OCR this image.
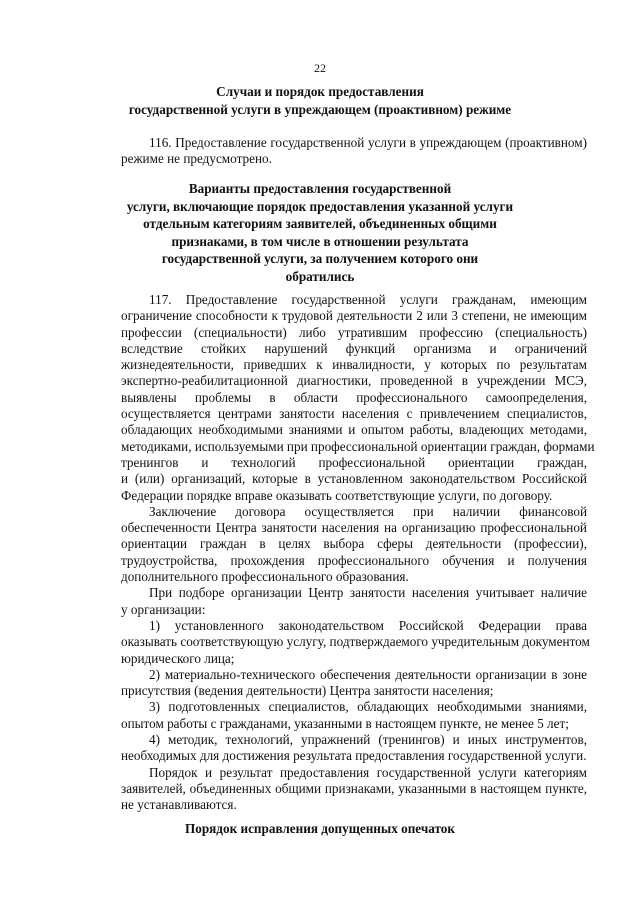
22
Случаи и порядок предоставления
государственной услуги в упреждающем (проактивном) режиме
116. Предоставление государственной услуги в упреждающем (проактивном)
режиме не предусмотрено.
Варианты предоставления государственной
услуги, включающие порядок предоставления указанной услуги
отдельным категориям заявителей, объединенных общими
признаками, в том числе в отношении результата
государственной услуги, за получением которого они
обратились
117. Предоставление государственной услуги гражданам, имеющим
ограничение способности к трудовой деятельности 2 или 3 степени, не имеющим
профессии (специальности) либо утратившим профессию (специальность)
вследствие стойких нарушений функций организма и ограничений
жизнедеятельности, приведших к инвалидности, у которых по результатам
экспертно-реабилитационной диагностики, проведенной в учреждении МСЭ,
выявлены проблемы в области профессионального самоопределения,
осуществляется центрами занятости населения с привлечением специалистов,
обладающих необходимыми знаниями и опытом работы, владеющих методами,
методиками, используемыми при профессиональной ориентации граждан, формами
тренингов и технологий профессиональной ориентации граждан,
и (или) организаций, которые в установленном законодательством Российской
Федерации порядке вправе оказывать соответствующие услуги, по договору.
Заключение договора осуществляется при наличии финансовой
обеспеченности Центра занятости населения на организацию профессиональной
ориентации граждан в целях выбора сферы деятельности (профессии),
трудоустройства, прохождения профессионального обучения и получения
дополнительного профессионального образования.
При подборе организации Центр занятости населения учитывает наличие
у организации:
1) установленного законодательством Российской Федерации права
оказывать соответствующую услугу, подтверждаемого учредительным документом
юридического лица;
2) материально-технического обеспечения деятельности организации в зоне
присутствия (ведения деятельности) Центра занятости населения;
3) подготовленных специалистов, обладающих необходимыми знаниями,
опытом работы с гражданами, указанными в настоящем пункте, не менее 5 лет;
4) методик, технологий, упражнений (тренингов) и иных инструментов,
необходимых для достижения результата предоставления государственной услуги.
Порядок и результат предоставления государственной услуги категориям
заявителей, объединенных общими признаками, указанными в настоящем пункте,
не устанавливаются.
Порядок исправления допущенных опечаток
